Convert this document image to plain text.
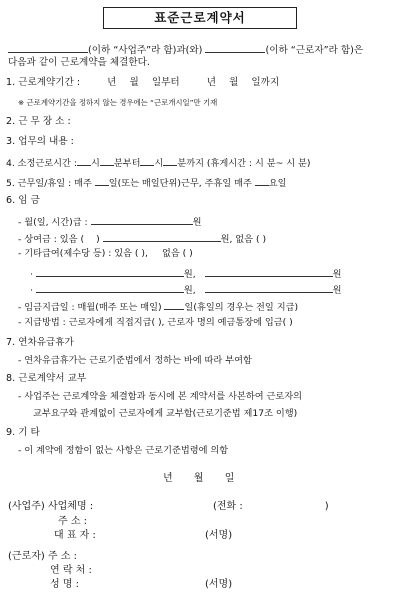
표준근로계약서
(이하 “사업주”라 함)과(와)	(이하 “근로자”라 함)은
다음과 같이 근로계약을 체결한다.
1. 근로계약기간 :	년 월 일부터	년 월 일까지
※ 근로계약기간을 정하지 않는 경우에는 “근로개시일”만 기재
2. 근 무 장 소 :
3. 업무의 내용 :
4. 소정근로시간 : 시 분부터 시 분까지 (휴게시간 : 시 분~ 시 분)
5. 근무일/휴일 : 매주 일(또는 매일단위)근무, 주휴일 매주 요일
6. 임 금
- 월(일, 시간)급 :	원
- 상여금 : 있음 ( )	원, 없음 ( )
- 기타급여(제수당 등) : 있음 ( ), 없음 ( )
·	원,	원
·	원,	원
- 임금지급일 : 매월(매주 또는 매일) 일(휴일의 경우는 전일 지급)
- 지급방법 : 근로자에게 직접지급( ), 근로자 명의 예금통장에 입금( )
7. 연차유급휴가
- 연차유급휴가는 근로기준법에서 정하는 바에 따라 부여함
8. 근로계약서 교부
- 사업주는 근로계약을 체결함과 동시에 본 계약서를 사본하여 근로자의
교부요구와 관계없이 근로자에게 교부함(근로기준법 제17조 이행)
9. 기 타
- 이 계약에 정함이 없는 사항은 근로기준법령에 의함
년 월 일
(사업주) 사업체명 :	(전화 :	)
주 소 :
대 표 자 :	(서명)
(근로자) 주 소 :
연 락 처 :
성 명 :	(서명)
